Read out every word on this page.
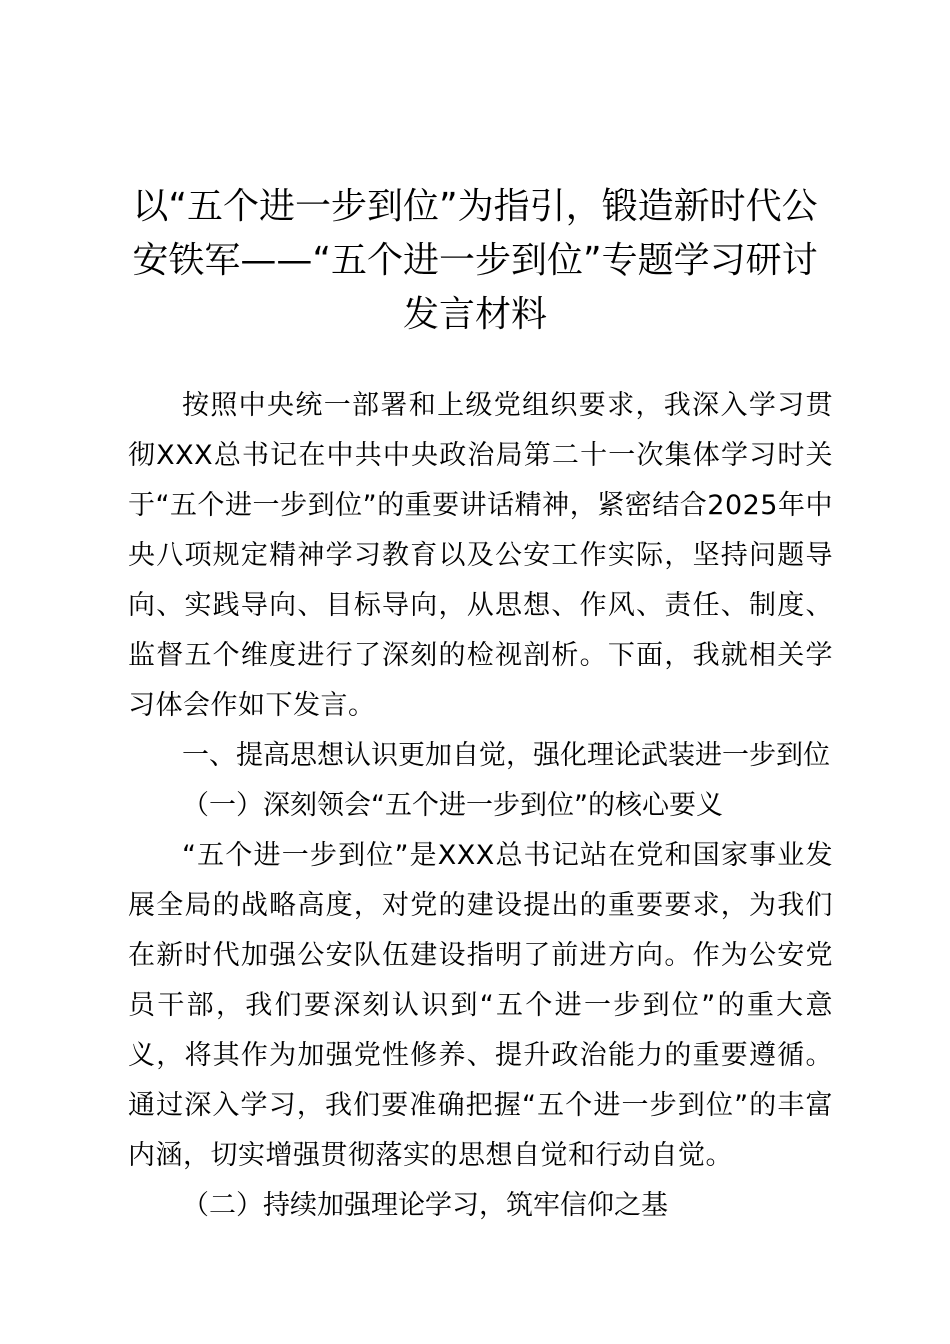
以“五个进一步到位”为指引，锻造新时代公安铁军——“五个进一步到位”专题学习研讨发言材料

按照中央统一部署和上级党组织要求，我深入学习贯彻XXX总书记在中共中央政治局第二十一次集体学习时关于“五个进一步到位”的重要讲话精神，紧密结合2025年中央八项规定精神学习教育以及公安工作实际，坚持问题导向、实践导向、目标导向，从思想、作风、责任、制度、监督五个维度进行了深刻的检视剖析。下面，我就相关学习体会作如下发言。

一、提高思想认识更加自觉，强化理论武装进一步到位

（一）深刻领会“五个进一步到位”的核心要义

“五个进一步到位”是XXX总书记站在党和国家事业发展全局的战略高度，对党的建设提出的重要要求，为我们在新时代加强公安队伍建设指明了前进方向。作为公安党员干部，我们要深刻认识到“五个进一步到位”的重大意义，将其作为加强党性修养、提升政治能力的重要遵循。通过深入学习，我们要准确把握“五个进一步到位”的丰富内涵，切实增强贯彻落实的思想自觉和行动自觉。

（二）持续加强理论学习，筑牢信仰之基
